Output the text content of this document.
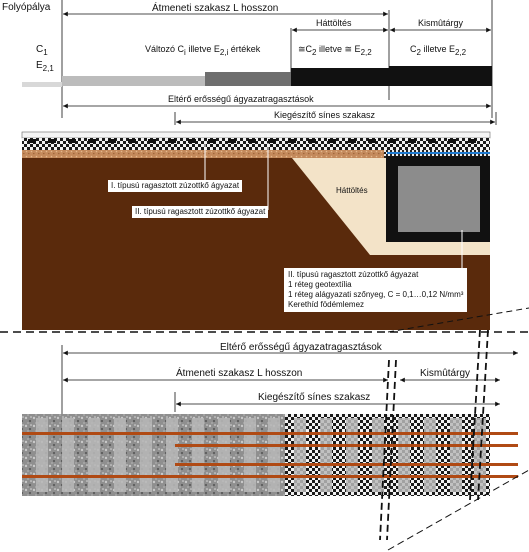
Folyópálya	Átmeneti szakasz L hosszon
Háttöltés	Kismûtárgy
$C_1$
$E_{2,1}$
Változó $C_i$ illetve $E_{2,i}$ értékek	$≅C_2$ illetve ≅ $E_{2,2}$	$C_2$ illetve $E_{2,2}$
Eltérő erősségű ágyazatragasztások
Kiegészítő sínes szakasz
I. típusú ragasztott zúzottkő ágyazat
II. típusú ragasztott zúzottkő ágyazat
Háttöltés
II. típusú ragasztott zúzottkő ágyazat
1 réteg geotextília
1 réteg alágyazati szőnyeg, C = 0,1…0,12 N/mm³
Kerethíd födémlemez
Eltérő erősségű ágyazatragasztások
Átmeneti szakasz L hosszon	Kismûtárgy
Kiegészítő sínes szakasz
